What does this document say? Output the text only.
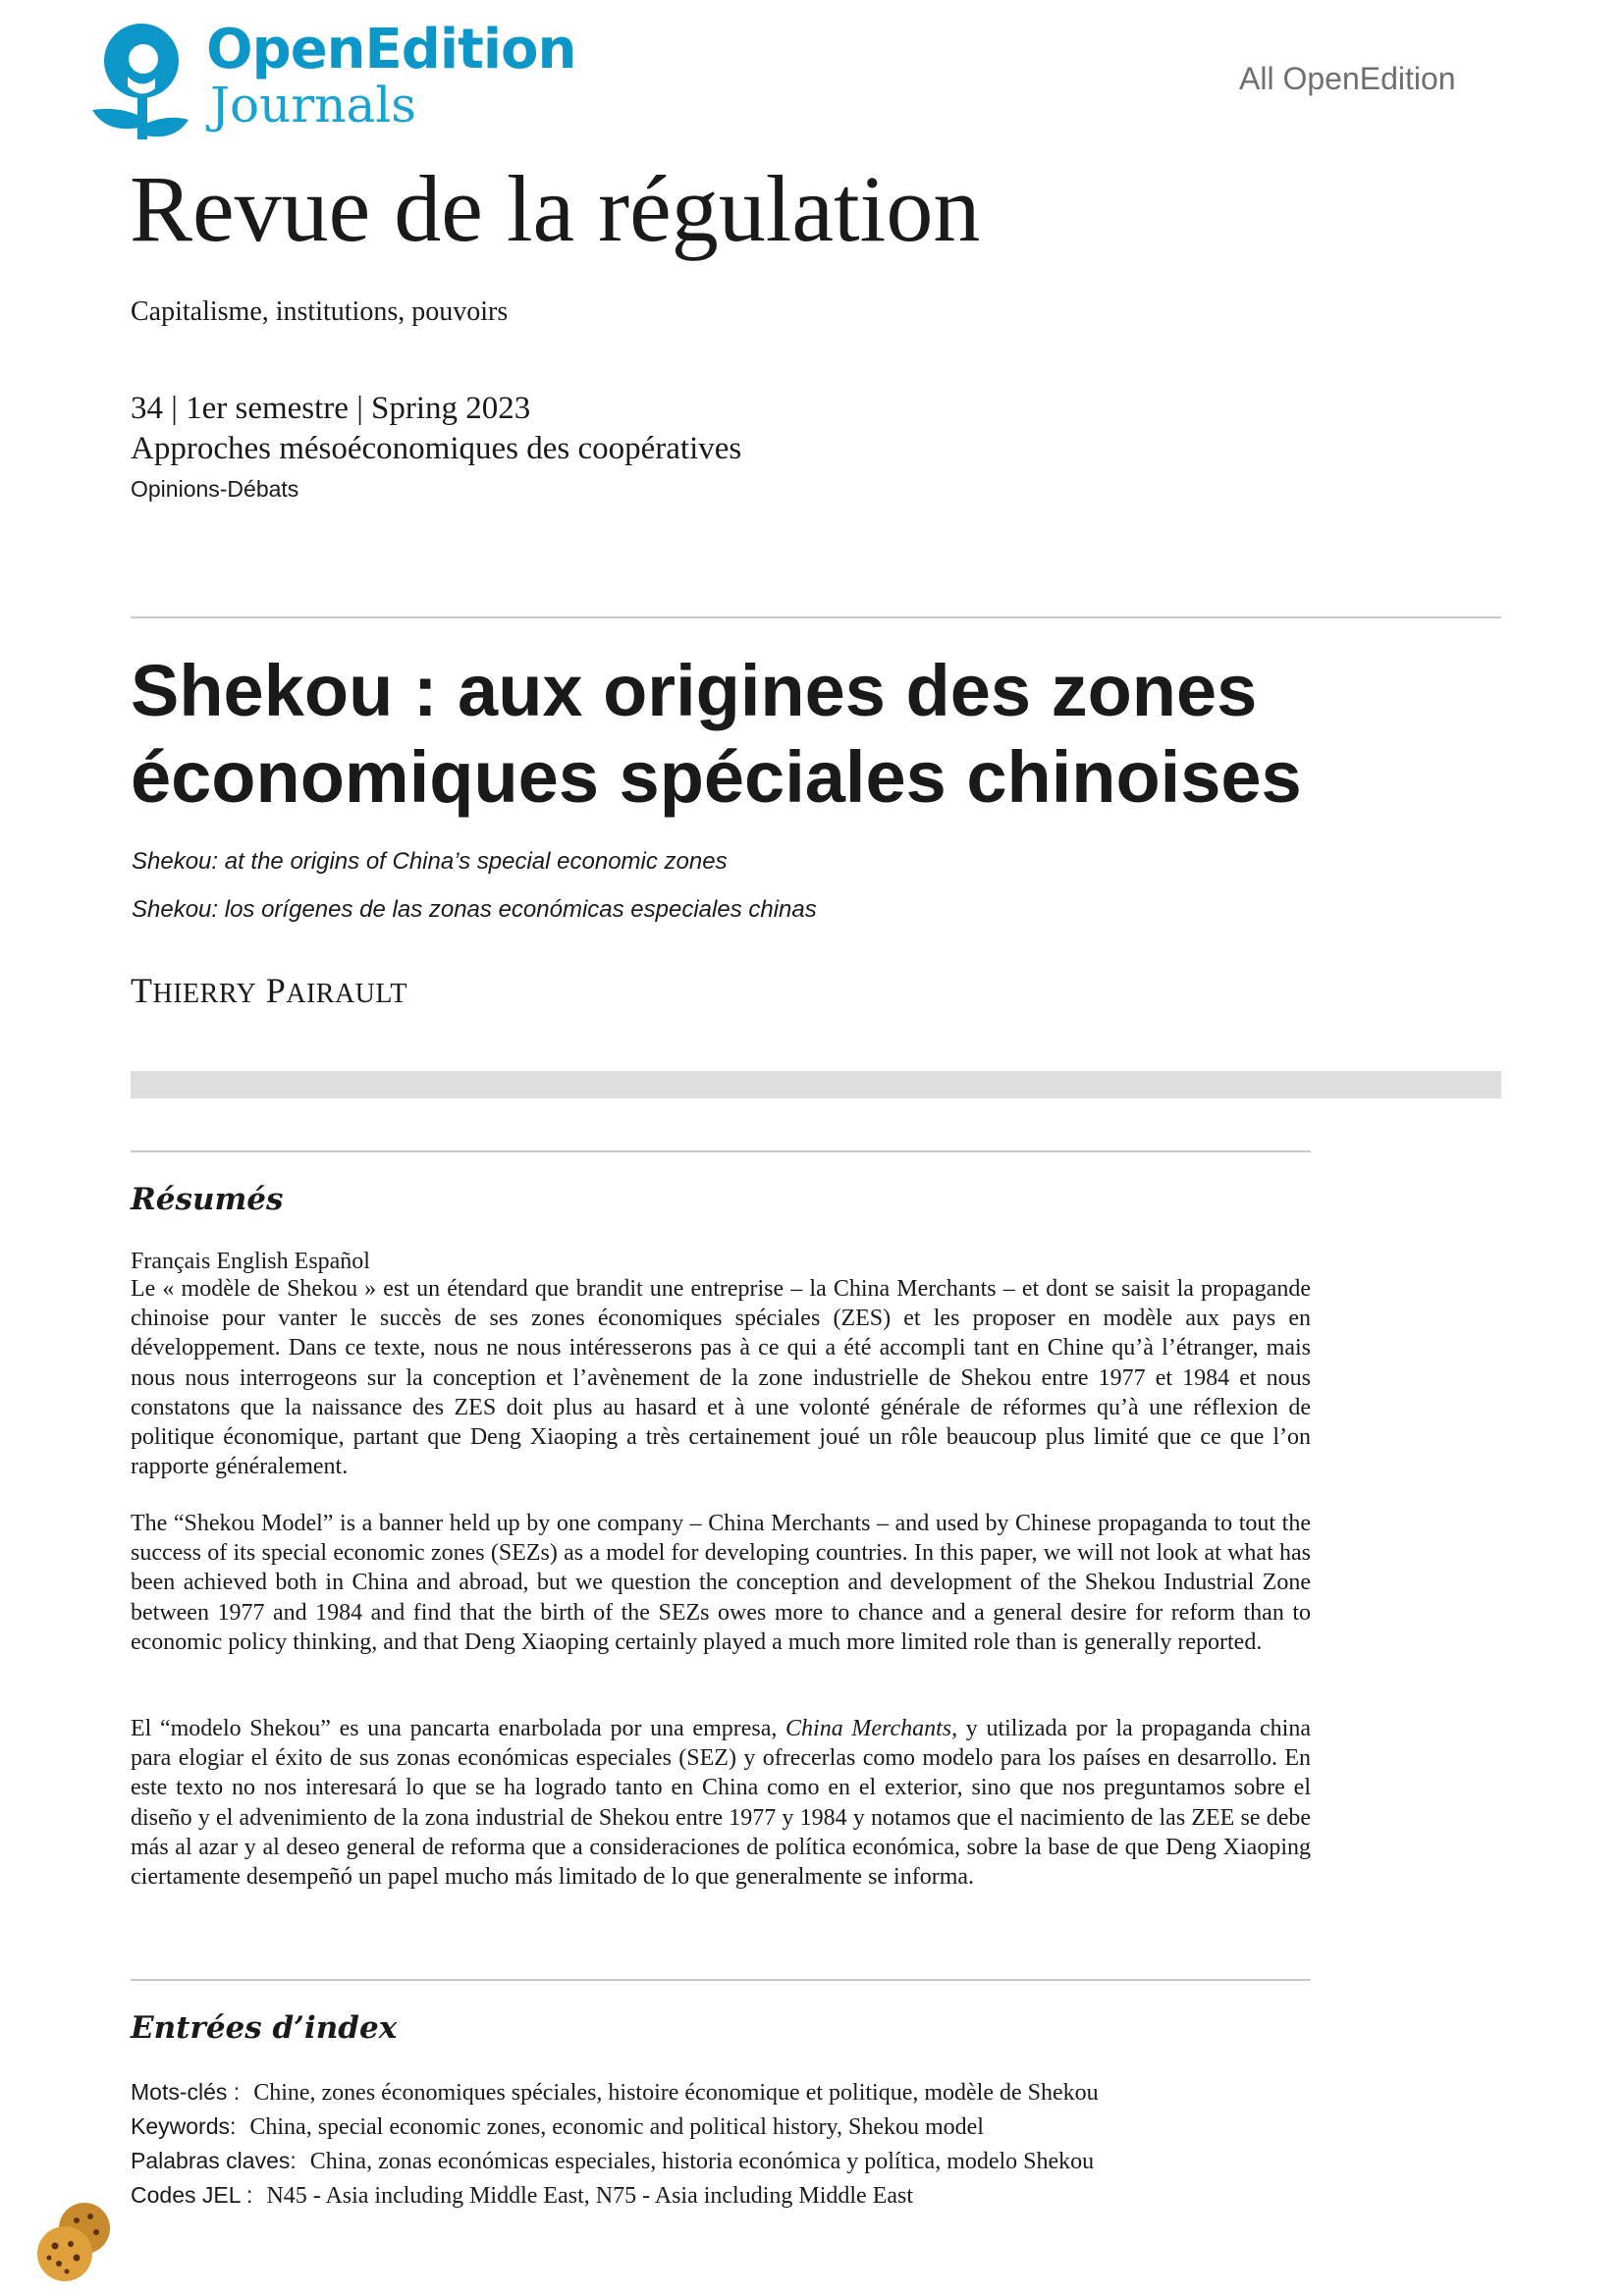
OpenEdition
Journals	All OpenEdition
Revue de la régulation
Capitalisme, institutions, pouvoirs
34 | 1er semestre | Spring 2023
Approches mésoéconomiques des coopératives
Opinions-Débats
Shekou : aux origines des zones économiques spéciales chinoises
Shekou: at the origins of China’s special economic zones
Shekou: los orígenes de las zonas económicas especiales chinas
THIERRY PAIRAULT
Résumés
Français English Español

Le « modèle de Shekou » est un étendard que brandit une entreprise – la China Merchants – et dont se saisit la propagande chinoise pour vanter le succès de ses zones économiques spéciales (ZES) et les proposer en modèle aux pays en développement. Dans ce texte, nous ne nous intéresserons pas à ce qui a été accompli tant en Chine qu’à l’étranger, mais nous nous interrogeons sur la conception et l’avènement de la zone industrielle de Shekou entre 1977 et 1984 et nous constatons que la naissance des ZES doit plus au hasard et à une volonté générale de réformes qu’à une réflexion de politique économique, partant que Deng Xiaoping a très certainement joué un rôle beaucoup plus limité que ce que l’on rapporte généralement.

The “Shekou Model” is a banner held up by one company – China Merchants – and used by Chinese propaganda to tout the success of its special economic zones (SEZs) as a model for developing countries. In this paper, we will not look at what has been achieved both in China and abroad, but we question the conception and development of the Shekou Industrial Zone between 1977 and 1984 and find that the birth of the SEZs owes more to chance and a general desire for reform than to economic policy thinking, and that Deng Xiaoping certainly played a much more limited role than is generally reported.

El “modelo Shekou” es una pancarta enarbolada por una empresa, China Merchants, y utilizada por la propaganda china para elogiar el éxito de sus zonas económicas especiales (SEZ) y ofrecerlas como modelo para los países en desarrollo. En este texto no nos interesará lo que se ha logrado tanto en China como en el exterior, sino que nos preguntamos sobre el diseño y el advenimiento de la zona industrial de Shekou entre 1977 y 1984 y notamos que el nacimiento de las ZEE se debe más al azar y al deseo general de reforma que a consideraciones de política económica, sobre la base de que Deng Xiaoping ciertamente desempeñó un papel mucho más limitado de lo que generalmente se informa.

Entrées d’index
Mots-clés : Chine, zones économiques spéciales, histoire économique et politique, modèle de Shekou
Keywords: China, special economic zones, economic and political history, Shekou model
Palabras claves: China, zonas económicas especiales, historia económica y política, modelo Shekou
Codes JEL : N45 - Asia including Middle East, N75 - Asia including Middle East
